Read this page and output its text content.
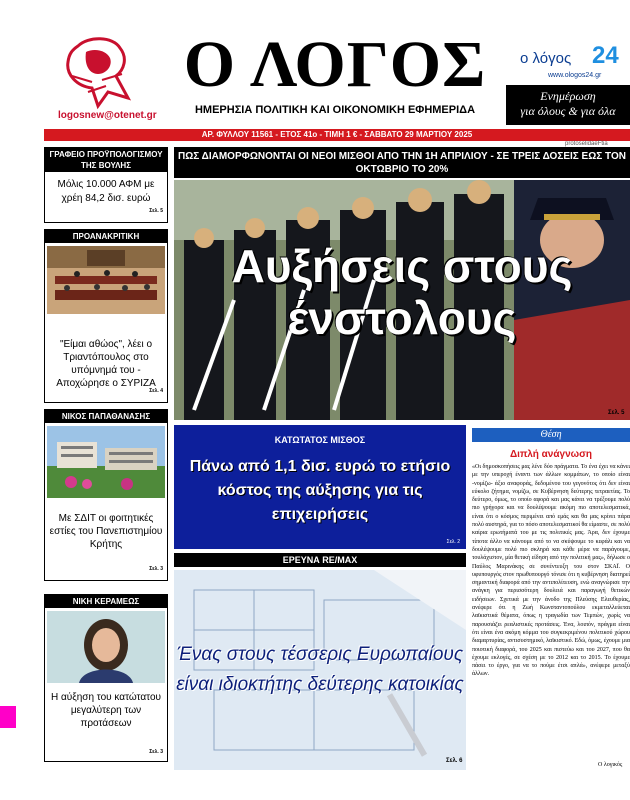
logosnew@otenet.gr
Ο ΛΟΓΟΣ
ΗΜΕΡΗΣΙΑ ΠΟΛΙΤΙΚΗ ΚΑΙ ΟΙΚΟΝΟΜΙΚΗ ΕΦΗΜΕΡΙΔΑ
ο λόγος 24
www.ologos24.gr
Ενημέρωση
για όλους & για όλα
ΑΡ. ΦΥΛΛΟΥ 11561 - ΕΤΟΣ 41ο - ΤΙΜΗ 1 € - ΣΑΒΒΑΤΟ 29 ΜΑΡΤΙΟΥ 2025
protoselidaeFtia
ΓΡΑΦΕΙΟ ΠΡΟΫΠΟΛΟΓΙΣΜΟΥ ΤΗΣ ΒΟΥΛΗΣ
Μόλις 10.000 ΑΦΜ με χρέη 84,2 δισ. ευρώ
Σελ. 5
ΠΡΟΑΝΑΚΡΙΤΙΚΗ
"Είμαι αθώος", λέει ο Τριαντόπουλος στο υπόμνημά του - Αποχώρησε ο ΣΥΡΙΖΑ
Σελ. 4
ΝΙΚΟΣ ΠΑΠΑΘΑΝΑΣΗΣ
Με ΣΔΙΤ οι φοιτητικές εστίες του Πανεπιστημίου Κρήτης
Σελ. 3
ΝΙΚΗ ΚΕΡΑΜΕΩΣ
Η αύξηση του κατώτατου μεγαλύτερη των προτάσεων
Σελ. 3
ΠΩΣ ΔΙΑΜΟΡΦΩΝΟΝΤΑΙ ΟΙ ΝΕΟΙ ΜΙΣΘΟΙ ΑΠΟ ΤΗΝ 1Η ΑΠΡΙΛΙΟΥ - ΣΕ ΤΡΕΙΣ ΔΟΣΕΙΣ ΕΩΣ ΤΟΝ ΟΚΤΩΒΡΙΟ ΤΟ 20%
Αυξήσεις στους ένστολους
Σελ. 5
ΚΑΤΩΤΑΤΟΣ ΜΙΣΘΟΣ
Πάνω από 1,1 δισ. ευρώ το ετήσιο κόστος της αύξησης για τις επιχειρήσεις
Σελ. 2
ΕΡΕΥΝΑ RE/MAX
Ένας στους τέσσερις Ευρωπαίους είναι ιδιοκτήτης δεύτερης κατοικίας
Σελ. 6
Θέση
Διπλή ανάγνωση
«Οι δημοσκοπήσεις μας λένε δύο πράγματα. Το ένα έχει να κάνει με την υπεροχή έναντι των άλλων κομμάτων, το οποίο είναι -νομίζω- άξιο αναφοράς, δεδομένου του γεγονότος ότι δεν είναι εύκολο ζήτημα, νομίζω, σε Κυβέρνηση δεύτερης τετραετίας. Το δεύτερο, όμως, το οποίο αφορά και μας κάνει να τρέξουμε πολύ πιο γρήγορα και να δουλέψουμε ακόμη πιο αποτελεσματικά, είναι ότι ο κόσμος περιμένει από εμάς και θα μας κρίνει πάρα πολύ αυστηρά, για το πόσο αποτελεσματικοί θα είμαστε, σε πολύ καίρια ερωτήματά του με τις πολιτικές μας. Άρα, δεν έχουμε τίποτα άλλο να κάνουμε από το να σκύψουμε το κεφάλι και να δουλέψουμε πολύ πιο σκληρά και κάθε μέρα να παράγουμε, τουλάχιστον, μία θετική είδηση από την πολιτική μας», δήλωσε ο Παύλος Μαρινάκης σε συνέντευξη του στον ΣΚΑΪ. Ο υφυπουργός στον πρωθυπουργό τόνισε ότι η κυβέρνηση διατηρεί σημαντική διαφορά από την αντιπολίτευση, ενώ αναγνώρισε την ανάγκη για περισσότερη δουλειά και παραγωγή θετικών ειδήσεων. Σχετικά με την άνοδο της Πλεύσης Ελευθερίας, ανέφερε ότι η Ζωή Κωνσταντοπούλου εκμεταλλεύεται λαϊκιστικά θέματα, όπως η τραγωδία των Τεμπών, χωρίς να παρουσιάζει ρεαλιστικές προτάσεις. Ένα, λοιπόν, πράγμα είναι ότι είναι ένα ακόμη κόμμα του συγκεκριμένου πολιτικού χώρου διαμαρτυρίας, αντισυστημικό, λαϊκιστικό. Εδώ, όμως, έχουμε μια ποιοτική διαφορά, του 2025 και πιστεύω και του 2027, που θα έχουμε εκλογές, σε σχέση με το 2012 και το 2015. Το έχουμε πάσει το έργο, για να το πούμε έτσι απλά», ανέφερε μεταξύ άλλων.
Ο λογικός
